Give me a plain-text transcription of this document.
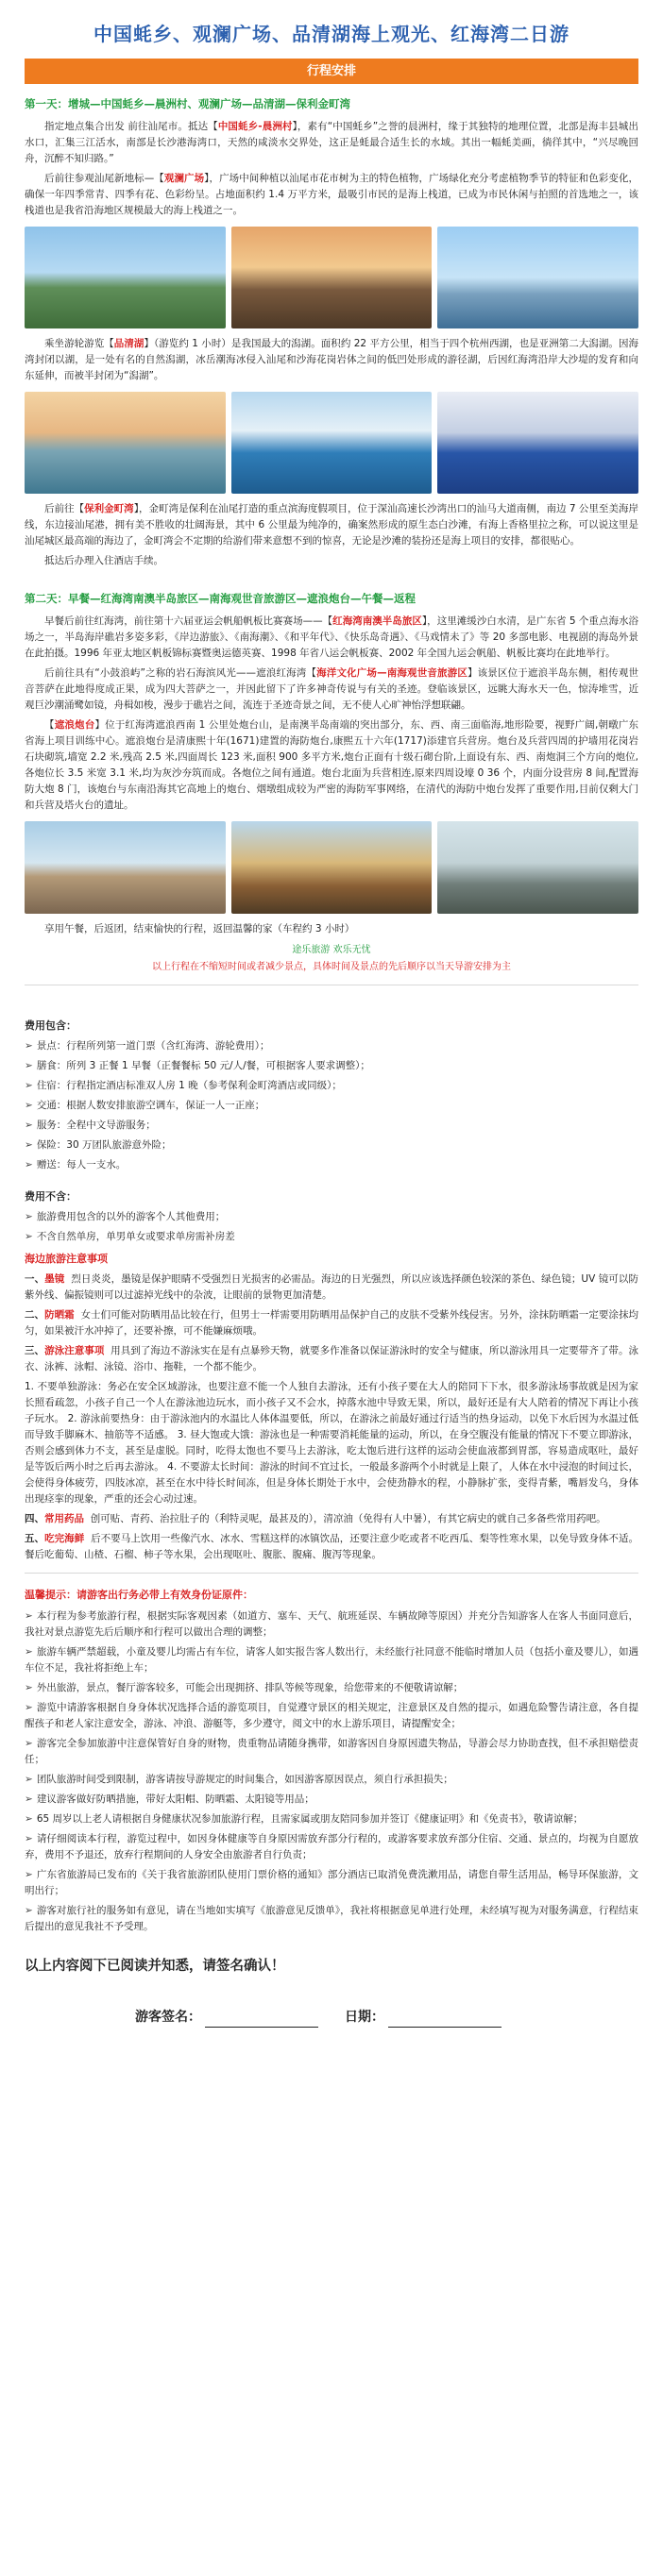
中国蚝乡、观澜广场、品清湖海上观光、红海湾二日游
行程安排
第一天：增城—中国蚝乡—晨洲村、观澜广场—品清湖—保利金町湾

指定地点集合出发 前往汕尾市。抵达【中国蚝乡-晨洲村】，素有“中国蚝乡”之誉的晨洲村，缘于其独特的地理位置，北部是海丰县城出水口，汇集三江活水，南部是长沙港海湾口，天然的咸淡水交界处，这正是蚝最合适生长的水域。其出一幅蚝美画，徜徉其中，“兴尽晚回舟，沉醉不知归路。”

后前往参观汕尾新地标—【观澜广场】，广场中间种植以汕尾市花市树为主的特色植物，广场绿化充分考虑植物季节的特征和色彩变化，确保一年四季常青、四季有花、色彩纷呈。占地面积约 1.4 万平方米，最吸引市民的是海上栈道，已成为市民休闲与拍照的首选地之一，该栈道也是我省沿海地区规模最大的海上栈道之一。

乘坐游轮游览【品清湖】（游览约 1 小时）是我国最大的潟湖。面积约 22 平方公里，相当于四个杭州西湖，也是亚洲第二大潟湖。因海湾封闭以湖，是一处有名的自然潟湖，冰岳潮海冰侵入汕尾和沙海花岗岩体之间的低凹处形成的游径湖，后因红海湾沿岸大沙堤的发育和向东延伸，而被半封闭为“潟湖”。

后前往【保利金町湾】，金町湾是保利在汕尾打造的重点滨海度假项目，位于深汕高速长沙湾出口的汕马大道南侧，南边 7 公里至美海岸线，东边接汕尾港，拥有美不胜收的壮阔海景，其中 6 公里最为纯净的，确案然形成的原生态白沙滩，有海上香格里拉之称，可以说这里是汕尾城区最高端的海边了，金町湾会不定期的给游们带来意想不到的惊喜，无论是沙滩的装扮还是海上项目的安排，都很贴心。

抵达后办理入住酒店手续。

第二天：早餐—红海湾南澳半岛旅区—南海观世音旅游区—遮浪炮台—午餐—返程

早餐后前往红海湾，前往第十六届亚运会帆船帆板比赛赛场——【红海湾南澳半岛旅区】，这里滩缓沙白水清，是广东省 5 个重点海水浴场之一，半岛海岸礁岩多姿多彩，《岸边游旅》、《南海潮》、《和平年代》、《快乐岛奇遇》、《马戏情未了》等 20 多部电影、电视剧的海岛外景在此拍摄。1996 年亚太地区帆板锦标赛暨奥运德英赛、1998 年省八运会帆板赛、2002 年全国九运会帆船、帆板比赛均在此地举行。

后前往具有“小鼓浪屿”之称的岩石海滨风光——遮浪红海湾【海洋文化广场—南海观世音旅游区】该景区位于遮浪半岛东侧，相传观世音菩萨在此地得度成正果，成为四大菩萨之一，并因此留下了许多神奇传说与有关的圣迹。登临该景区，远眺大海水天一色，惊涛堆雪，近观巨沙潮涌鹭如镜，舟楫如梭，漫步于礁岩之间，流连于圣迹奇景之间，无不使人心旷神怡浮想联翩。

【遮浪炮台】位于红海湾遮浪西南 1 公里处炮台山，是南澳半岛南端的突出部分，东、西、南三面临海,地形险要，视野广阔,朝暾广东省海上项目训练中心。遮浪炮台是清康熙十年(1671)建置的海防炮台,康熙五十六年(1717)添建官兵营房。炮台及兵营四周的护墙用花岗岩石块砌筑,墙宽 2.2 米,残高 2.5 米,四面周长 123 米,面积 900 多平方米,炮台正面有十级石砌台阶,上面设有东、西、南炮洞三个方向的炮位,各炮位长 3.5 米宽 3.1 米,均为灰沙夯筑而成。各炮位之间有通道。炮台北面为兵营相连,原来四周设壕 0 36 个，内面分设营房 8 间,配置海防大炮 8 门，该炮台与东南沿海其它高地上的炮台、烟墩组成较为严密的海防军事网络，在清代的海防中炮台发挥了重要作用,目前仅剩大门和兵营及塔火台的遗址。

享用午餐，后返团，结束愉快的行程，返回温馨的家（车程约 3 小时）

途乐旅游 欢乐无忧
以上行程在不缩短时间或者减少景点，具体时间及景点的先后顺序以当天导游安排为主
费用包含：
➢ 景点：行程所列第一道门票（含红海湾、游轮费用）；
➢ 膳食：所列 3 正餐 1 早餐（正餐餐标 50 元/人/餐，可根据客人要求调整）；
➢ 住宿：行程指定酒店标准双人房 1 晚（参考保利金町湾酒店或同级）；
➢ 交通：根据人数安排旅游空调车，保证一人一正座；
➢ 服务：全程中文导游服务；
➢ 保险：30 万团队旅游意外险；
➢ 赠送：每人一支水。
费用不含：
➢ 旅游费用包含的以外的游客个人其他费用；
➢ 不含自然单房，单男单女或要求单房需补房差
海边旅游注意事项
一、墨镜 烈日炎炎，墨镜是保护眼睛不受强烈日光损害的必需品。海边的日光强烈，所以应该选择颜色较深的茶色、绿色镜；UV 镜可以防紫外线、偏振镜则可以过滤掉光线中的杂波，让眼前的景物更加清楚。
二、防晒霜 女士们可能对防晒用品比较在行，但男士一样需要用防晒用品保护自己的皮肤不受紫外线侵害。另外，涂抹防晒霜一定要涂抹均匀，如果被汗水冲掉了，还要补擦，可不能嫌麻烦哦。
三、游泳注意事项 用具到了海边不游泳实在是有点暴殄天物，就要多作准备以保证游泳时的安全与健康，所以游泳用具一定要带齐了带。泳衣、泳裤、泳帽、泳镜、浴巾、拖鞋，一个都不能少。
1. 不要单独游泳：务必在安全区域游泳，也要注意不能一个人独自去游泳，还有小孩子要在大人的陪同下下水，很多游泳场事故就是因为家长照看疏忽，小孩子自己一个人在游泳池边玩水，而小孩子又不会水，掉落水池中导致无果，所以，最好还是有大人陪着的情况下再让小孩子玩水。 2. 游泳前要热身：由于游泳池内的水温比人体体温要低，所以，在游泳之前最好通过行适当的热身运动，以免下水后因为水温过低而导致手脚麻木、抽筋等不适感。 3. 昼大饱或大饿：游泳也是一种需要消耗能量的运动，所以，在身空腹没有能量的情况下不要立即游泳，否则会感到体力不支，甚至是虚脱。同时，吃得太饱也不要马上去游泳，吃太饱后进行这样的运动会使血液都到胃部，容易造成呕吐，最好是等饭后两小时之后再去游泳。 4. 不要游太长时间：游泳的时间不宜过长，一般最多游两个小时就是上限了，人体在水中浸泡的时间过长，会使得身体疲劳，四肢冰凉，甚至在水中待长时间冻，但是身体长期处于水中，会使劲静水的程，小静脉扩张，变得青紫，嘴唇发乌，身体出现痉挛的现象，严重的还会心动过速。
四、常用药品 创可贴、青药、治拉肚子的（利特灵呢，最甚及的），清凉油（免得有人中暑），有其它病史的就自己多备些常用药吧。
五、吃完海鲜 后不要马上饮用一些像汽水、冰水、雪糕这样的冰镇饮品，还要注意少吃或者不吃西瓜、梨等性寒水果，以免导致身体不适。餐后吃葡萄、山楂、石榴、柿子等水果，会出现呕吐、腹胀、腹痛、腹泻等现象。
温馨提示：请游客出行务必带上有效身份证原件：
➢ 本行程为参考旅游行程，根据实际客观因素（如道方、塞车、天气、航班延误、车辆故障等原因）并充分告知游客人在客人书面同意后，我社对景点游览先后后顺序和行程可以做出合理的调整；
➢ 旅游车辆严禁超载，小童及婴儿均需占有车位，请客人如实报告客人数出行，未经旅行社同意不能临时增加人员（包括小童及婴儿），如遇车位不足，我社将拒绝上车；
➢ 外出旅游，景点，餐厅游客较多，可能会出现拥挤、排队等候等现象，给您带来的不便敬请谅解；
➢ 游览中请游客根据自身身体状况选择合适的游览项目，自觉遵守景区的相关规定，注意景区及自然的提示，如遇危险警告请注意，各自提醒孩子和老人家注意安全，游泳、冲浪、游艇等，多少遵守，阅文中的水上游乐项目，请提醒安全；
➢ 游客完全参加旅游中注意保管好自身的财物，贵重物品请随身携带，如游客因自身原因遗失物品，导游会尽力协助查找，但不承担赔偿责任；
➢ 团队旅游时间受到限制，游客请按导游规定的时间集合，如因游客原因误点，须自行承担损失；
➢ 建议游客做好防晒措施，带好太阳帽、防晒霜、太阳镜等用品；
➢ 65 周岁以上老人请根据自身健康状况参加旅游行程，且需家属或朋友陪同参加并签订《健康证明》和《免责书》，敬请谅解；
➢ 请仔细阅读本行程，游览过程中，如因身体健康等自身原因需放弃部分行程的，或游客要求放弃部分住宿、交通、景点的，均视为自愿放弃，费用不予退还，放弃行程期间的人身安全由旅游者自行负责；
➢ 广东省旅游局已发布的《关于我省旅游团队使用门票价格的通知》部分酒店已取消免费洗漱用品，请您自带生活用品，畅导环保旅游，文明出行；
➢ 游客对旅行社的服务如有意见，请在当地如实填写《旅游意见反馈单》，我社将根据意见单进行处理，未经填写视为对服务满意，行程结束后提出的意见我社不予受理。
以上内容阅下已阅读并知悉，请签名确认！
游客签名：	日期：
